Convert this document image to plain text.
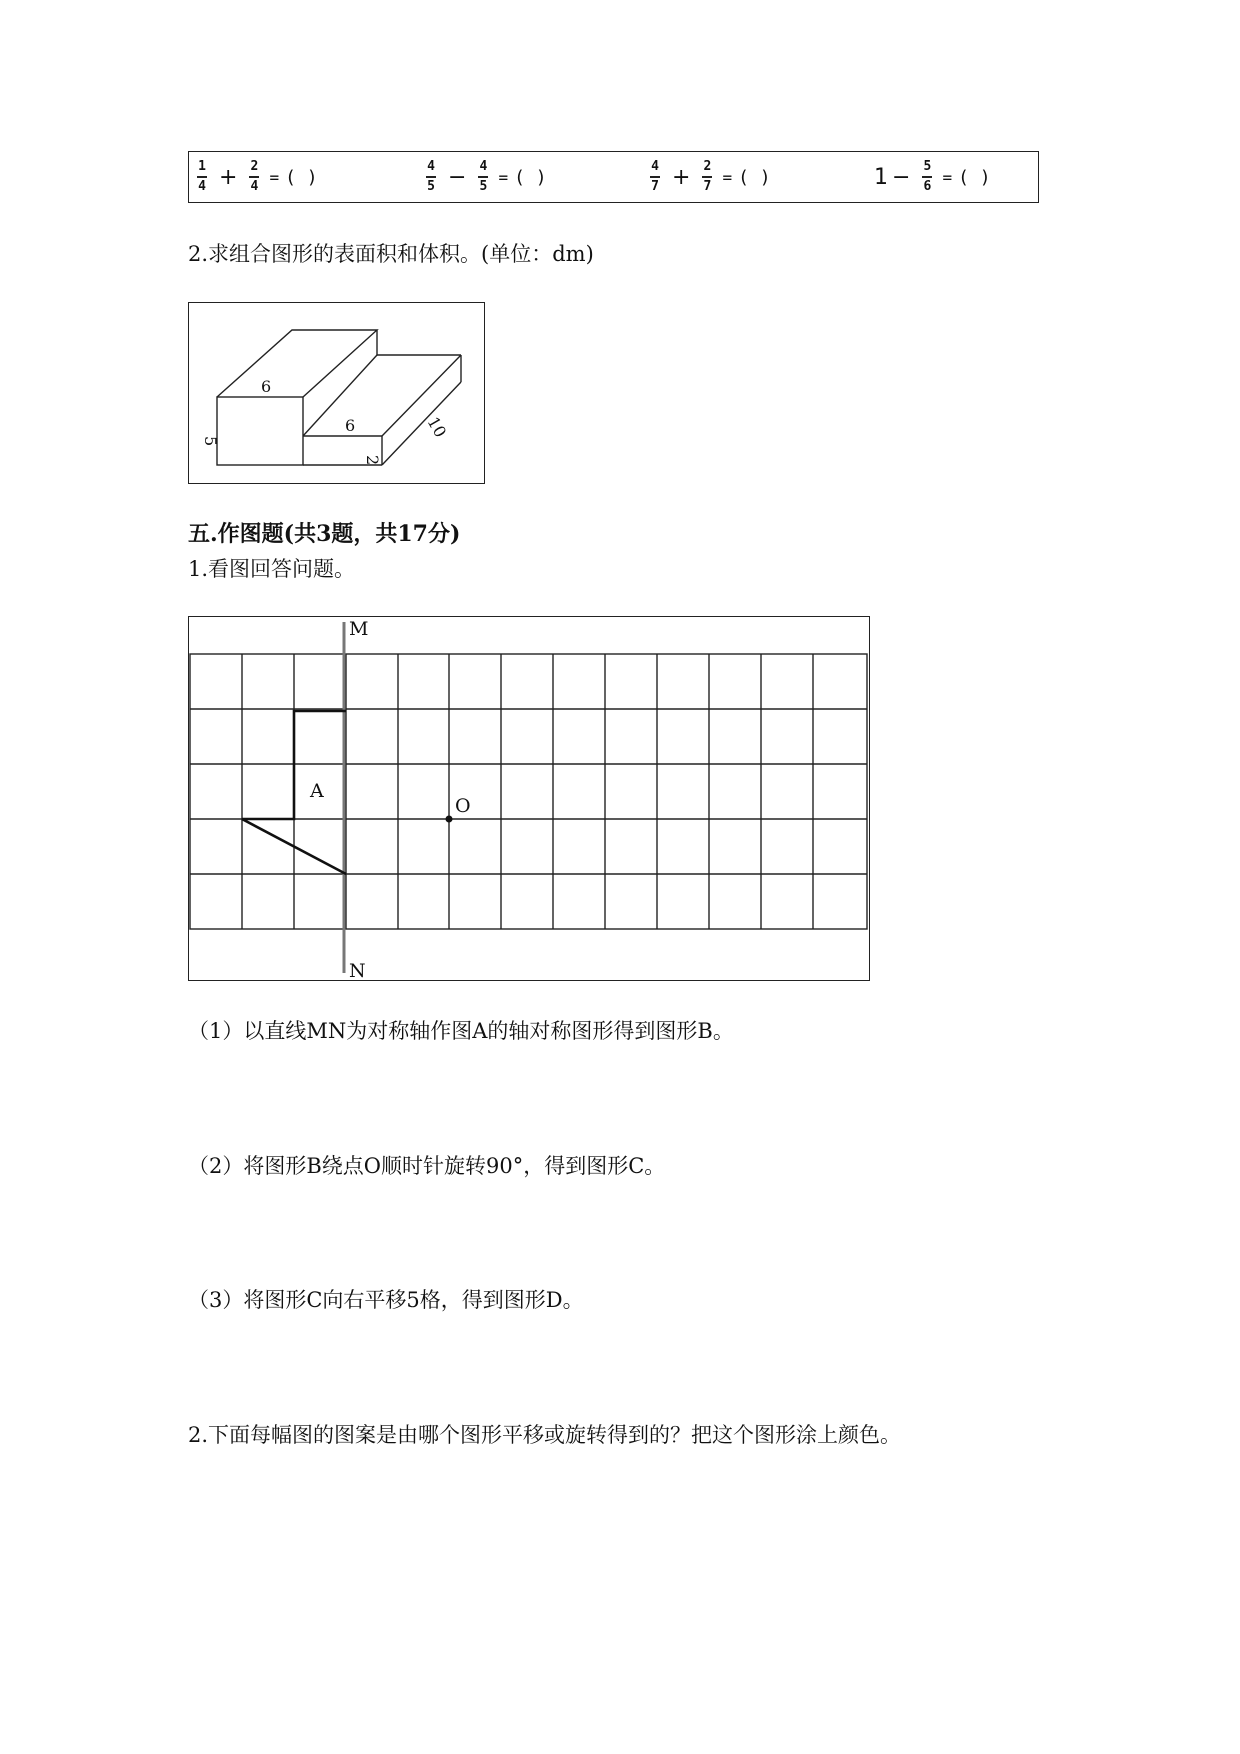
$\frac{1}{4} + \frac{2}{4}$ = ( )	$\frac{4}{5} - \frac{4}{5}$ = ( )	$\frac{4}{7} + \frac{2}{7}$ = ( )	$1 - \frac{5}{6}$ = ( )
2.求组合图形的表面积和体积。(单位：dm)
6
5
6
2
10
五.作图题(共3题，共17分)
1.看图回答问题。
M
N
A
O
（1）以直线MN为对称轴作图A的轴对称图形得到图形B。
（2）将图形B绕点O顺时针旋转90°，得到图形C。
（3）将图形C向右平移5格，得到图形D。
2.下面每幅图的图案是由哪个图形平移或旋转得到的？把这个图形涂上颜色。
